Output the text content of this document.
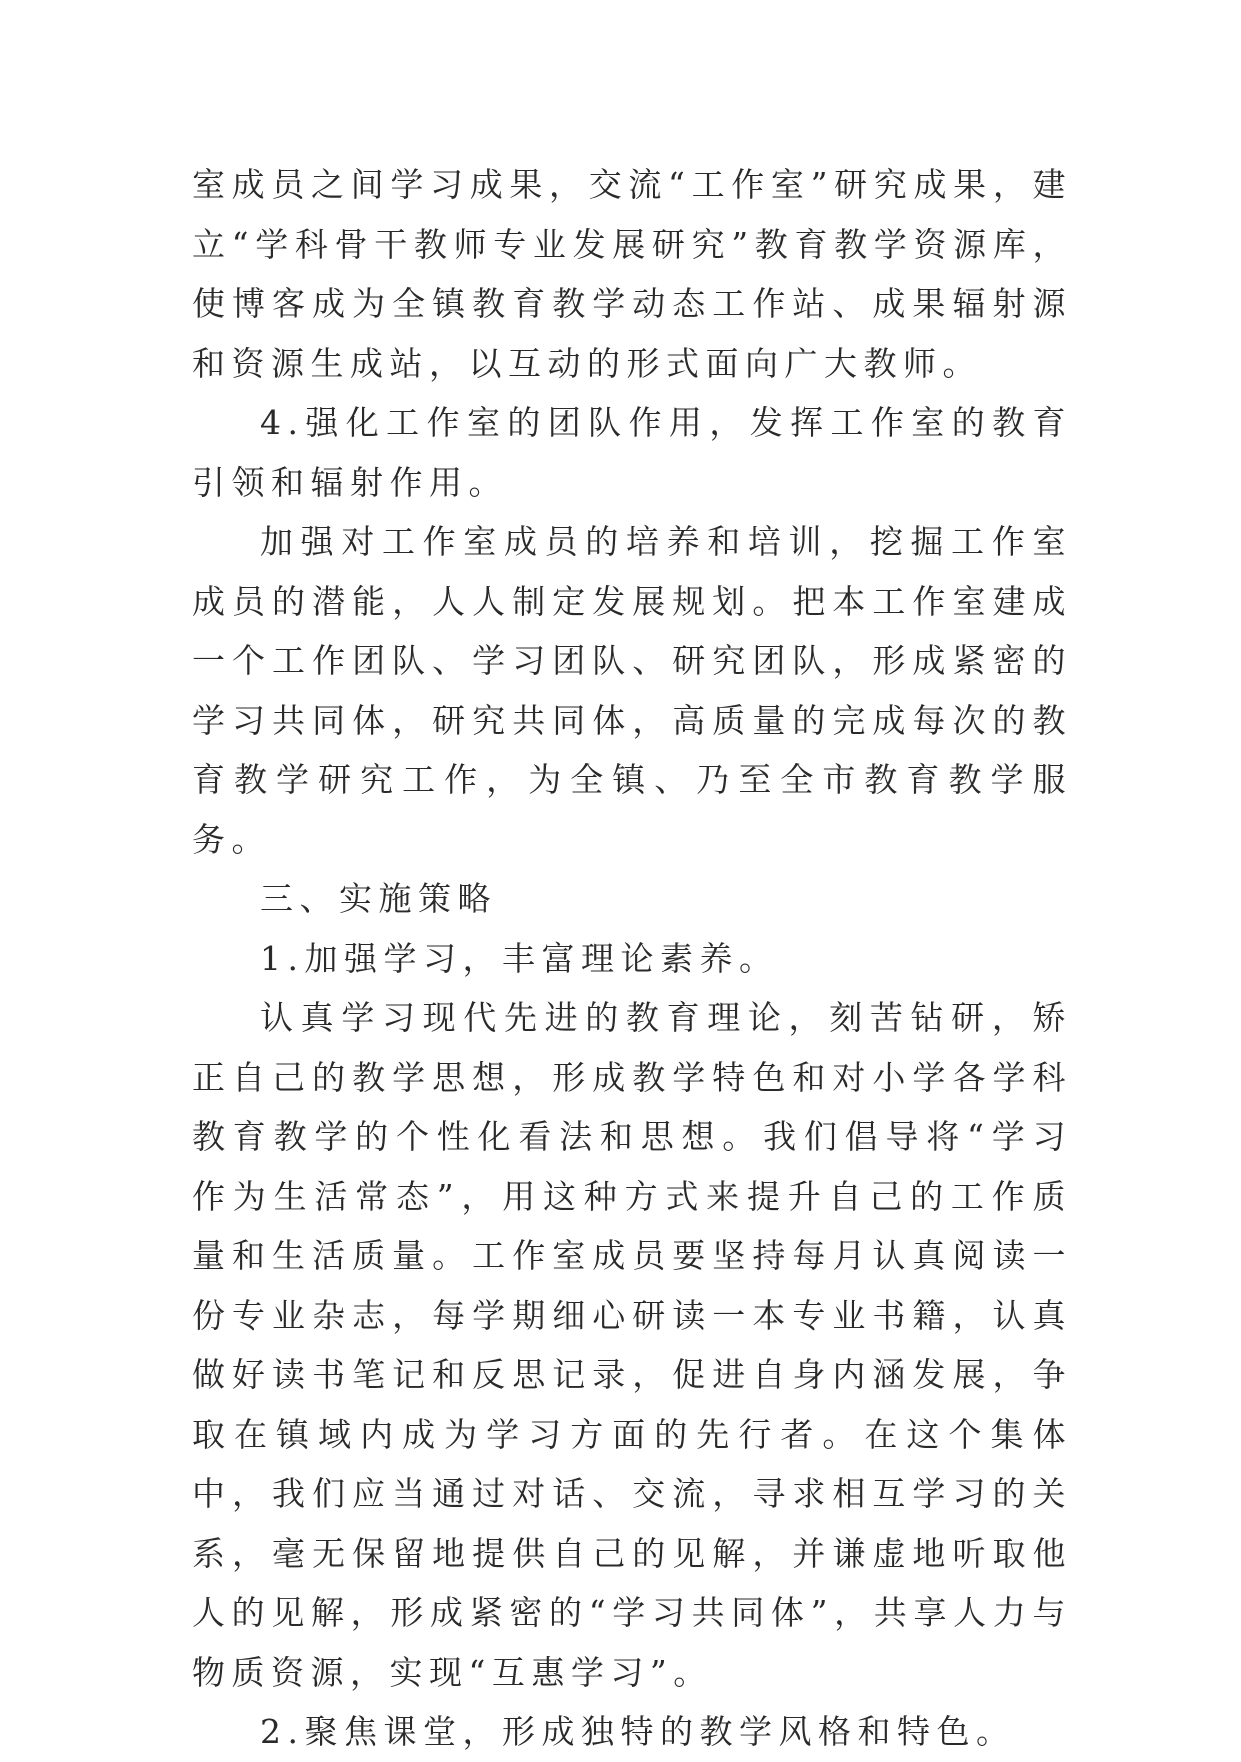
室成员之间学习成果，交流“工作室”研究成果，建立“学科骨干教师专业发展研究”教育教学资源库，使博客成为全镇教育教学动态工作站、成果辐射源和资源生成站，以互动的形式面向广大教师。

4.强化工作室的团队作用，发挥工作室的教育引领和辐射作用。

加强对工作室成员的培养和培训，挖掘工作室成员的潜能，人人制定发展规划。把本工作室建成一个工作团队、学习团队、研究团队，形成紧密的学习共同体，研究共同体，高质量的完成每次的教育教学研究工作，为全镇、乃至全市教育教学服务。

三、实施策略

1.加强学习，丰富理论素养。

认真学习现代先进的教育理论，刻苦钻研，矫正自己的教学思想，形成教学特色和对小学各学科教育教学的个性化看法和思想。我们倡导将“学习作为生活常态”，用这种方式来提升自己的工作质量和生活质量。工作室成员要坚持每月认真阅读一份专业杂志，每学期细心研读一本专业书籍，认真做好读书笔记和反思记录，促进自身内涵发展，争取在镇域内成为学习方面的先行者。在这个集体中，我们应当通过对话、交流，寻求相互学习的关系，毫无保留地提供自己的见解，并谦虚地听取他人的见解，形成紧密的“学习共同体”，共享人力与物质资源，实现“互惠学习”。

2.聚焦课堂，形成独特的教学风格和特色。
